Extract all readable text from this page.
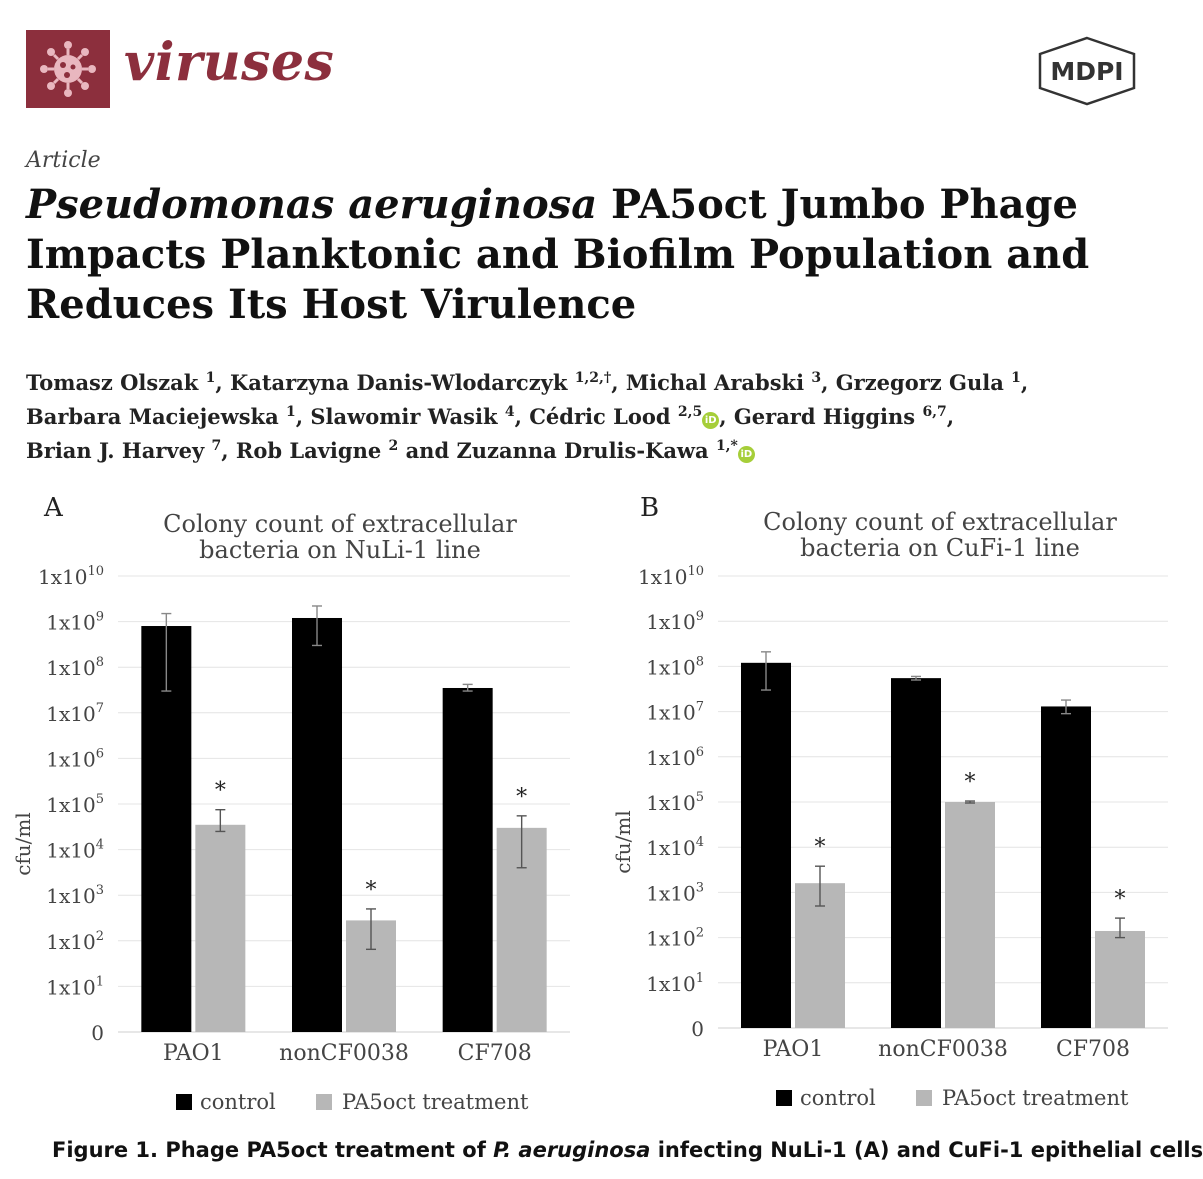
viruses	MDPI
Article
Pseudomonas aeruginosa PA5oct Jumbo Phage
Impacts Planktonic and Biofilm Population and
Reduces Its Host Virulence
Tomasz Olszak $^1$, Katarzyna Danis-Wlodarczyk $^{1,2,\dagger}$, Michal Arabski $^3$, Grzegorz Gula $^1$,
Barbara Maciejewska $^1$, Slawomir Wasik $^4$, Cédric Lood $^{2,5}$iD , Gerard Higgins $^{6,7}$,
Brian J. Harvey $^7$, Rob Lavigne $^2$ and Zuzanna Drulis-Kawa $^{1,*}$iD
A
Colony count of extracellular
bacteria on NuLi-1 line
0
$1x10^1$
$1x10^2$
$1x10^3$
$1x10^4$
$1x10^5$
$1x10^6$
$1x10^7$
$1x10^8$
$1x10^9$
$1x10^{10}$
cfu/ml
*
PAO1
*
nonCF0038
*
CF708
control	PA5oct treatment
B	Colony count of extracellular
bacteria on CuFi-1 line
0
$1x10^1$
$1x10^2$
$1x10^3$
$1x10^4$
$1x10^5$
$1x10^6$
$1x10^7$
$1x10^8$
$1x10^9$
$1x10^{10}$
cfu/ml	*
PAO1
*
nonCF0038
*
CF708
control	PA5oct treatment
Figure 1. Phage PA5oct treatment of P. aeruginosa infecting NuLi-1 (A) and CuFi-1 epithelial cells
